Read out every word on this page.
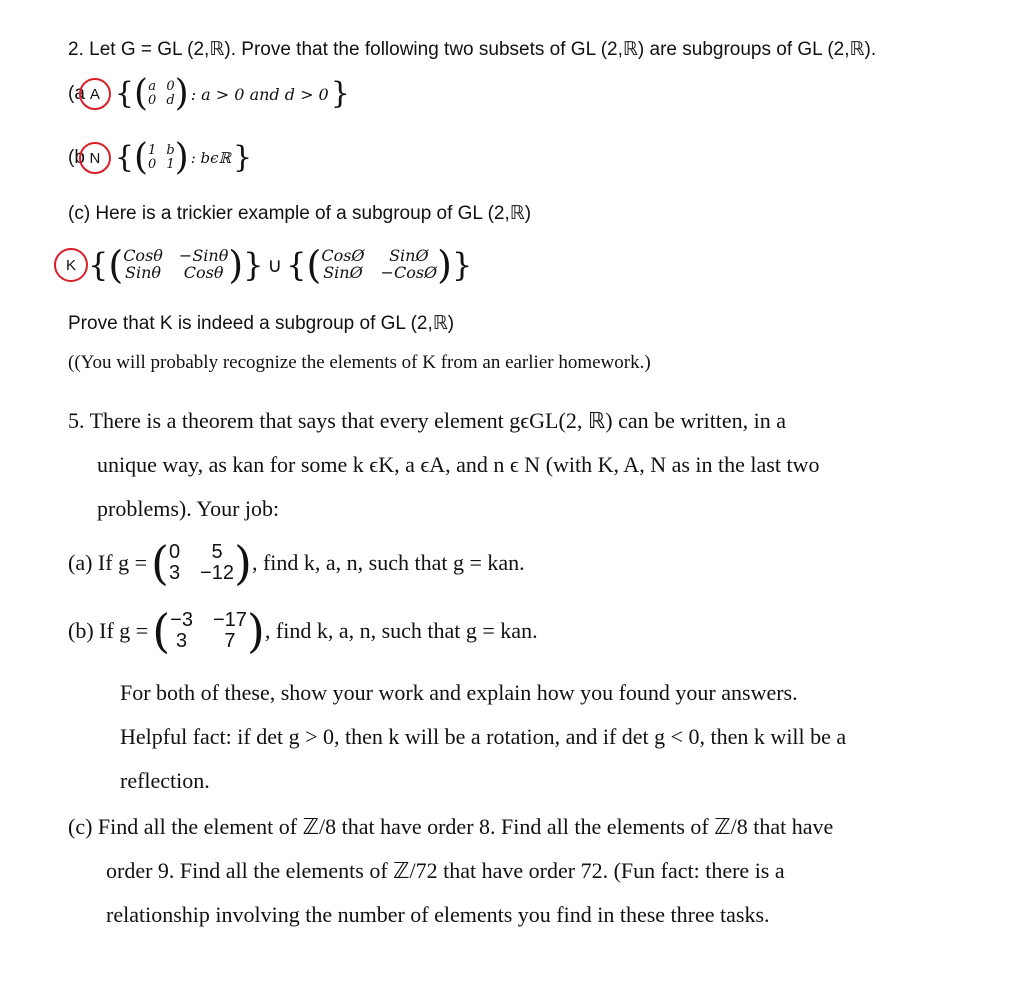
2. Let G = GL (2,ℝ). Prove that the following two subsets of GL (2,ℝ) are subgroups of GL (2,ℝ).
(a A { ( a 0
0 d ) : a > 0 and d > 0 }
(b N { ( 1 b
0 1 ) : bϵℝ }
(c) Here is a trickier example of a subgroup of GL (2,ℝ)
K { ( Cosθ −Sinθ
Sinθ	Cosθ ) } ∪ { ( CosØ	SinØ
SinØ −CosØ ) }
Prove that K is indeed a subgroup of GL (2,ℝ)
((You will probably recognize the elements of K from an earlier homework.)
5. There is a theorem that says that every element gϵGL(2, ℝ) can be written, in a
unique way, as kan for some k ϵK, a ϵA, and n ϵ N (with K, A, N as in the last two
problems). Your job:
(a) If g = ( 0	5
3 −12 ) , find k, a, n, such that g = kan.
(b) If g = ( −3 −17
3	7 ) , find k, a, n, such that g = kan.
For both of these, show your work and explain how you found your answers.
Helpful fact: if det g > 0, then k will be a rotation, and if det g < 0, then k will be a
reflection.
(c) Find all the element of ℤ/8 that have order 8. Find all the elements of ℤ/8 that have
order 9. Find all the elements of ℤ/72 that have order 72. (Fun fact: there is a
relationship involving the number of elements you find in these three tasks.
